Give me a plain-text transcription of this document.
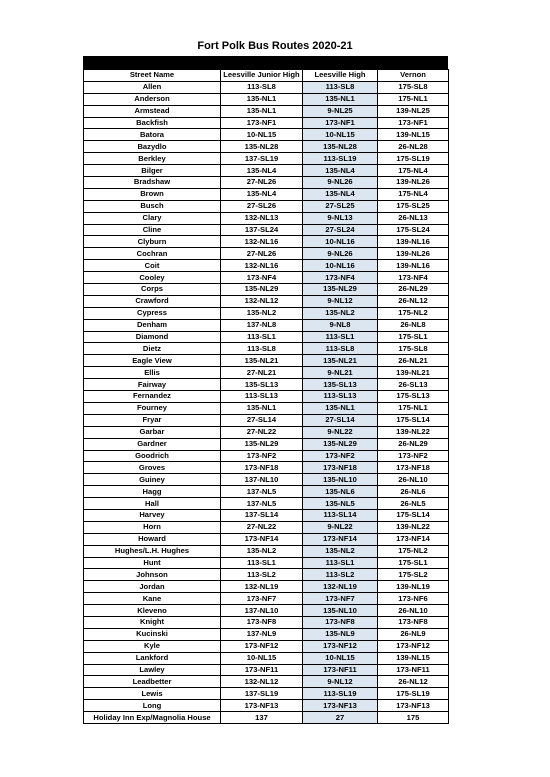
Fort Polk Bus Routes 2020-21
Street Name	Leesville Junior High	Leesville High	Vernon
Allen	113-SL8	113-SL8	175-SL8
Anderson	135-NL1	135-NL1	175-NL1
Armstead	135-NL1	9-NL25	139-NL25
Backfish	173-NF1	173-NF1	173-NF1
Batora	10-NL15	10-NL15	139-NL15
Bazydlo	135-NL28	135-NL28	26-NL28
Berkley	137-SL19	113-SL19	175-SL19
Bilger	135-NL4	135-NL4	175-NL4
Bradshaw	27-NL26	9-NL26	139-NL26
Brown	135-NL4	135-NL4	175-NL4
Busch	27-SL26	27-SL25	175-SL25
Clary	132-NL13	9-NL13	26-NL13
Cline	137-SL24	27-SL24	175-SL24
Clyburn	132-NL16	10-NL16	139-NL16
Cochran	27-NL26	9-NL26	139-NL26
Coit	132-NL16	10-NL16	139-NL16
Cooley	173-NF4	173-NF4	173-NF4
Corps	135-NL29	135-NL29	26-NL29
Crawford	132-NL12	9-NL12	26-NL12
Cypress	135-NL2	135-NL2	175-NL2
Denham	137-NL8	9-NL8	26-NL8
Diamond	113-SL1	113-SL1	175-SL1
Dietz	113-SL8	113-SL8	175-SL8
Eagle View	135-NL21	135-NL21	26-NL21
Ellis	27-NL21	9-NL21	139-NL21
Fairway	135-SL13	135-SL13	26-SL13
Fernandez	113-SL13	113-SL13	175-SL13
Fourney	135-NL1	135-NL1	175-NL1
Fryar	27-SL14	27-SL14	175-SL14
Garbar	27-NL22	9-NL22	139-NL22
Gardner	135-NL29	135-NL29	26-NL29
Goodrich	173-NF2	173-NF2	173-NF2
Groves	173-NF18	173-NF18	173-NF18
Guiney	137-NL10	135-NL10	26-NL10
Hagg	137-NL5	135-NL6	26-NL6
Hall	137-NL5	135-NL5	26-NL5
Harvey	137-SL14	113-SL14	175-SL14
Horn	27-NL22	9-NL22	139-NL22
Howard	173-NF14	173-NF14	173-NF14
Hughes/L.H. Hughes	135-NL2	135-NL2	175-NL2
Hunt	113-SL1	113-SL1	175-SL1
Johnson	113-SL2	113-SL2	175-SL2
Jordan	132-NL19	132-NL19	139-NL19
Kane	173-NF7	173-NF7	173-NF6
Kleveno	137-NL10	135-NL10	26-NL10
Knight	173-NF8	173-NF8	173-NF8
Kucinski	137-NL9	135-NL9	26-NL9
Kyle	173-NF12	173-NF12	173-NF12
Lankford	10-NL15	10-NL15	139-NL15
Lawley	173-NF11	173-NF11	173-NF11
Leadbetter	132-NL12	9-NL12	26-NL12
Lewis	137-SL19	113-SL19	175-SL19
Long	173-NF13	173-NF13	173-NF13
Holiday Inn Exp/Magnolia House	137	27	175
